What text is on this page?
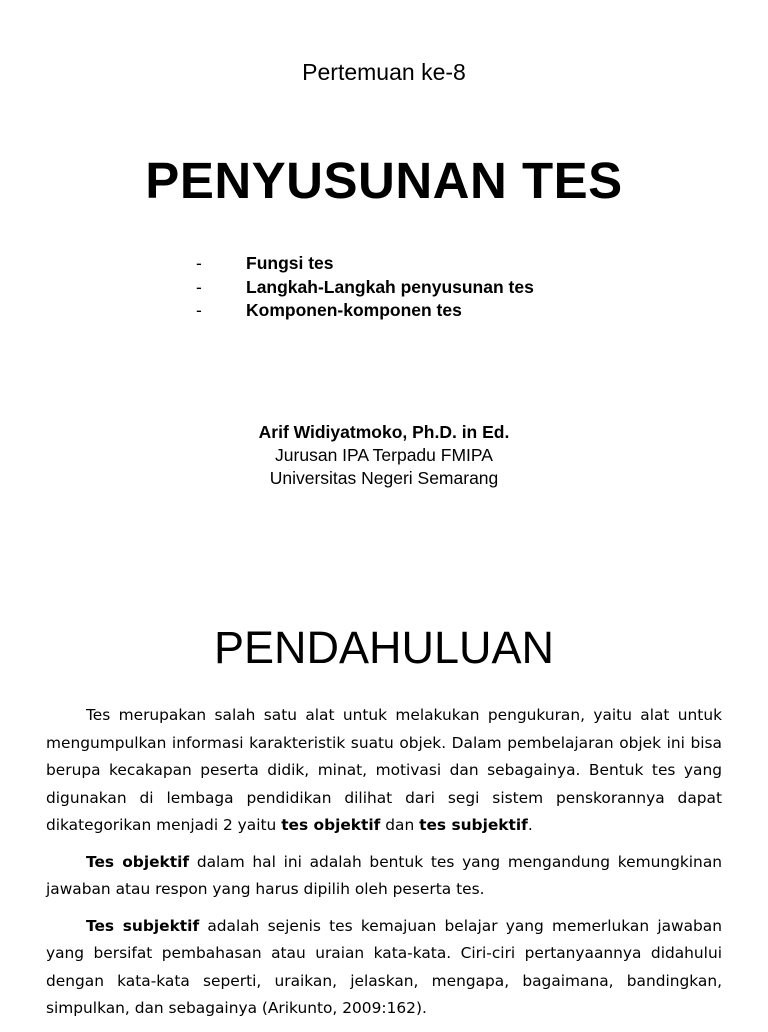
Pertemuan ke-8
PENYUSUNAN TES
-	Fungsi tes
-	Langkah-Langkah penyusunan tes
-	Komponen-komponen tes
Arif Widiyatmoko, Ph.D. in Ed.
Jurusan IPA Terpadu FMIPA
Universitas Negeri Semarang
PENDAHULUAN

Tes merupakan salah satu alat untuk melakukan pengukuran, yaitu alat untuk mengumpulkan informasi karakteristik suatu objek. Dalam pembelajaran objek ini bisa berupa kecakapan peserta didik, minat, motivasi dan sebagainya. Bentuk tes yang digunakan di lembaga pendidikan dilihat dari segi sistem penskorannya dapat dikategorikan menjadi 2 yaitu tes objektif dan tes subjektif.

Tes objektif dalam hal ini adalah bentuk tes yang mengandung kemungkinan jawaban atau respon yang harus dipilih oleh peserta tes.

Tes subjektif adalah sejenis tes kemajuan belajar yang memerlukan jawaban yang bersifat pembahasan atau uraian kata-kata. Ciri-ciri pertanyaannya didahului dengan kata-kata seperti, uraikan, jelaskan, mengapa, bagaimana, bandingkan, simpulkan, dan sebagainya (Arikunto, 2009:162).
